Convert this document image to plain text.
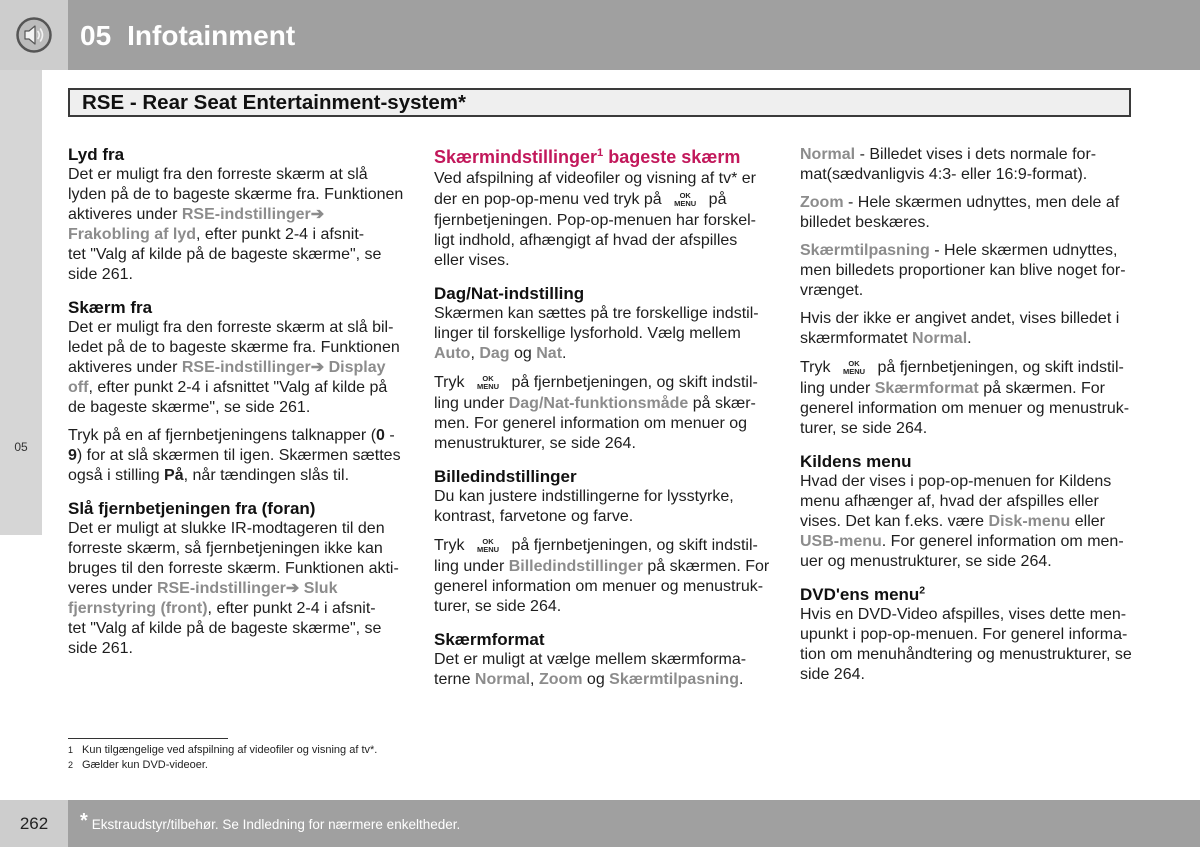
05 Infotainment
05
RSE - Rear Seat Entertainment-system*
Lyd fra
Det er muligt fra den forreste skærm at slå
lyden på de to bageste skærme fra. Funktionen
aktiveres under RSE-indstillinger➔
Frakobling af lyd, efter punkt 2-4 i afsnit-
tet "Valg af kilde på de bageste skærme", se
side 261.
Skærm fra
Det er muligt fra den forreste skærm at slå bil-
ledet på de to bageste skærme fra. Funktionen
aktiveres under RSE-indstillinger➔ Display
off, efter punkt 2-4 i afsnittet "Valg af kilde på
de bageste skærme", se side 261.
Tryk på en af fjernbetjeningens talknapper (0 -
9) for at slå skærmen til igen. Skærmen sættes
også i stilling På, når tændingen slås til.
Slå fjernbetjeningen fra (foran)
Det er muligt at slukke IR-modtageren til den
forreste skærm, så fjernbetjeningen ikke kan
bruges til den forreste skærm. Funktionen akti-
veres under RSE-indstillinger➔ Sluk
fjernstyring (front), efter punkt 2-4 i afsnit-
tet "Valg af kilde på de bageste skærme", se
side 261.
Skærmindstillinger$^1$ bageste skærm
Ved afspilning af videofiler og visning af tv* er
der en pop-op-menu ved tryk på	OK
MENU på
fjernbetjeningen. Pop-op-menuen har forskel-
ligt indhold, afhængigt af hvad der afspilles
eller vises.
Dag/Nat-indstilling
Skærmen kan sættes på tre forskellige indstil-
linger til forskellige lysforhold. Vælg mellem
Auto, Dag og Nat.
Tryk	OK
MENU på fjernbetjeningen, og skift indstil-
ling under Dag/Nat-funktionsmåde på skær-
men. For generel information om menuer og
menustrukturer, se side 264.
Billedindstillinger
Du kan justere indstillingerne for lysstyrke,
kontrast, farvetone og farve.
Tryk	OK
MENU på fjernbetjeningen, og skift indstil-
ling under Billedindstillinger på skærmen. For
generel information om menuer og menustruk-
turer, se side 264.
Skærmformat
Det er muligt at vælge mellem skærmforma-
terne Normal, Zoom og Skærmtilpasning.
Normal - Billedet vises i dets normale for-
mat(sædvanligvis 4:3- eller 16:9-format).
Zoom - Hele skærmen udnyttes, men dele af
billedet beskæres.
Skærmtilpasning - Hele skærmen udnyttes,
men billedets proportioner kan blive noget for-
vrænget.
Hvis der ikke er angivet andet, vises billedet i
skærmformatet Normal.
Tryk	OK
MENU på fjernbetjeningen, og skift indstil-
ling under Skærmformat på skærmen. For
generel information om menuer og menustruk-
turer, se side 264.
Kildens menu
Hvad der vises i pop-op-menuen for Kildens
menu afhænger af, hvad der afspilles eller
vises. Det kan f.eks. være Disk-menu eller
USB-menu. For generel information om men-
uer og menustrukturer, se side 264.
DVD'ens menu$^2$
Hvis en DVD-Video afspilles, vises dette men-
upunkt i pop-op-menuen. For generel informa-
tion om menuhåndtering og menustrukturer, se
side 264.
1 Kun tilgængelige ved afspilning af videofiler og visning af tv*.
2 Gælder kun DVD-videoer.
262	* Ekstraudstyr/tilbehør. Se Indledning for nærmere enkeltheder.
